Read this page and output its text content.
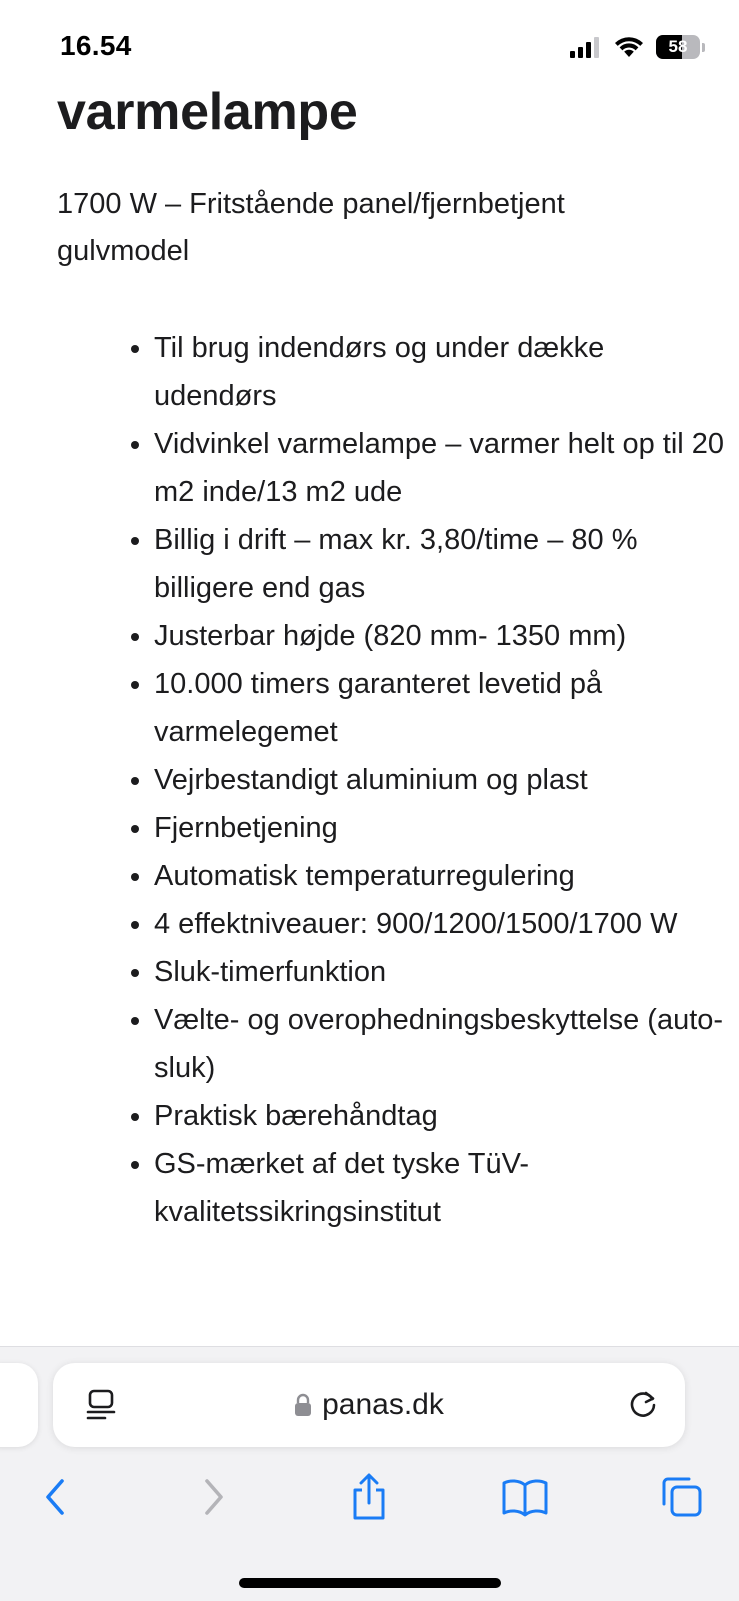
16.54	58
varmelampe

1700 W – Fritstående panel/fjernbetjent gulvmodel

• Til brug indendørs og under dække udendørs
• Vidvinkel varmelampe – varmer helt op til 20 m2 inde/13 m2 ude
• Billig i drift – max kr. 3,80/time – 80 % billigere end gas
• Justerbar højde (820 mm- 1350 mm)
• 10.000 timers garanteret levetid på varmelegemet
• Vejrbestandigt aluminium og plast
• Fjernbetjening
• Automatisk temperaturregulering
• 4 effektniveauer: 900/1200/1500/1700 W
• Sluk-timerfunktion
• Vælte- og overophedningsbeskyttelse (auto-sluk)
• Praktisk bærehåndtag
• GS-mærket af det tyske TüV-kvalitetssikringsinstitut
panas.dk
